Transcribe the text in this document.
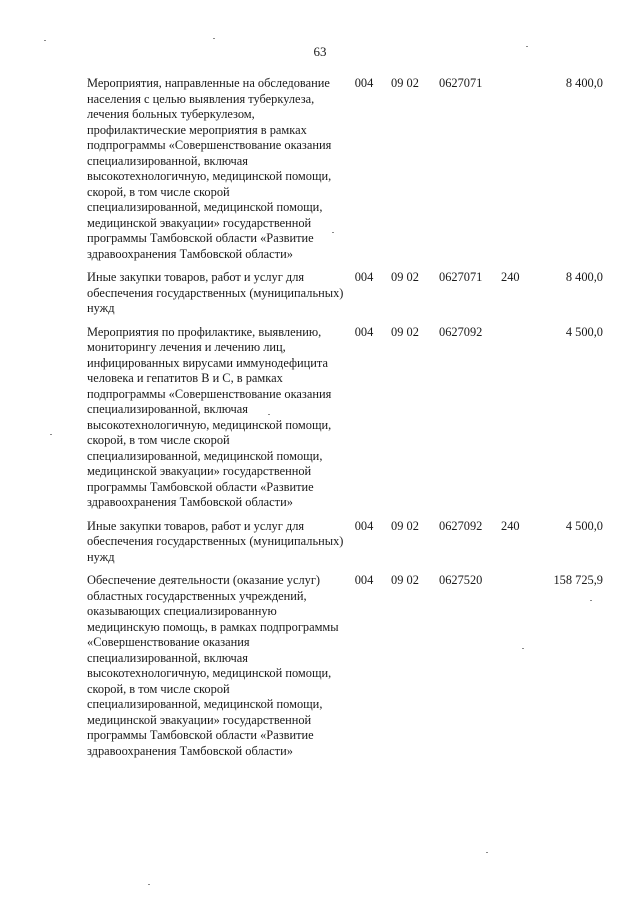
63
Мероприятия, направленные на обследование населения с целью выявления туберкулеза, лечения больных туберкулезом, профилактические мероприятия в рамках подпрограммы «Совершенствование оказания специализированной, включая высокотехнологичную, медицинской помощи, скорой, в том числе скорой специализированной, медицинской помощи, медицинской эвакуации» государственной программы Тамбовской области «Развитие здравоохранения Тамбовской области»	004	09 02	0627071		8 400,0
Иные закупки товаров, работ и услуг для обеспечения государственных (муниципальных) нужд	004	09 02	0627071	240	8 400,0
Мероприятия по профилактике, выявлению, мониторингу лечения и лечению лиц, инфицированных вирусами иммунодефицита человека и гепатитов В и С, в рамках подпрограммы «Совершенствование оказания специализированной, включая высокотехнологичную, медицинской помощи, скорой, в том числе скорой специализированной, медицинской помощи, медицинской эвакуации» государственной программы Тамбовской области «Развитие здравоохранения Тамбовской области»	004	09 02	0627092		4 500,0
Иные закупки товаров, работ и услуг для обеспечения государственных (муниципальных) нужд	004	09 02	0627092	240	4 500,0
Обеспечение деятельности (оказание услуг) областных государственных учреждений, оказывающих специализированную медицинскую помощь, в рамках подпрограммы «Совершенствование оказания специализированной, включая высокотехнологичную, медицинской помощи, скорой, в том числе скорой специализированной, медицинской помощи, медицинской эвакуации» государственной программы Тамбовской области «Развитие здравоохранения Тамбовской области»	004	09 02	0627520		158 725,9
